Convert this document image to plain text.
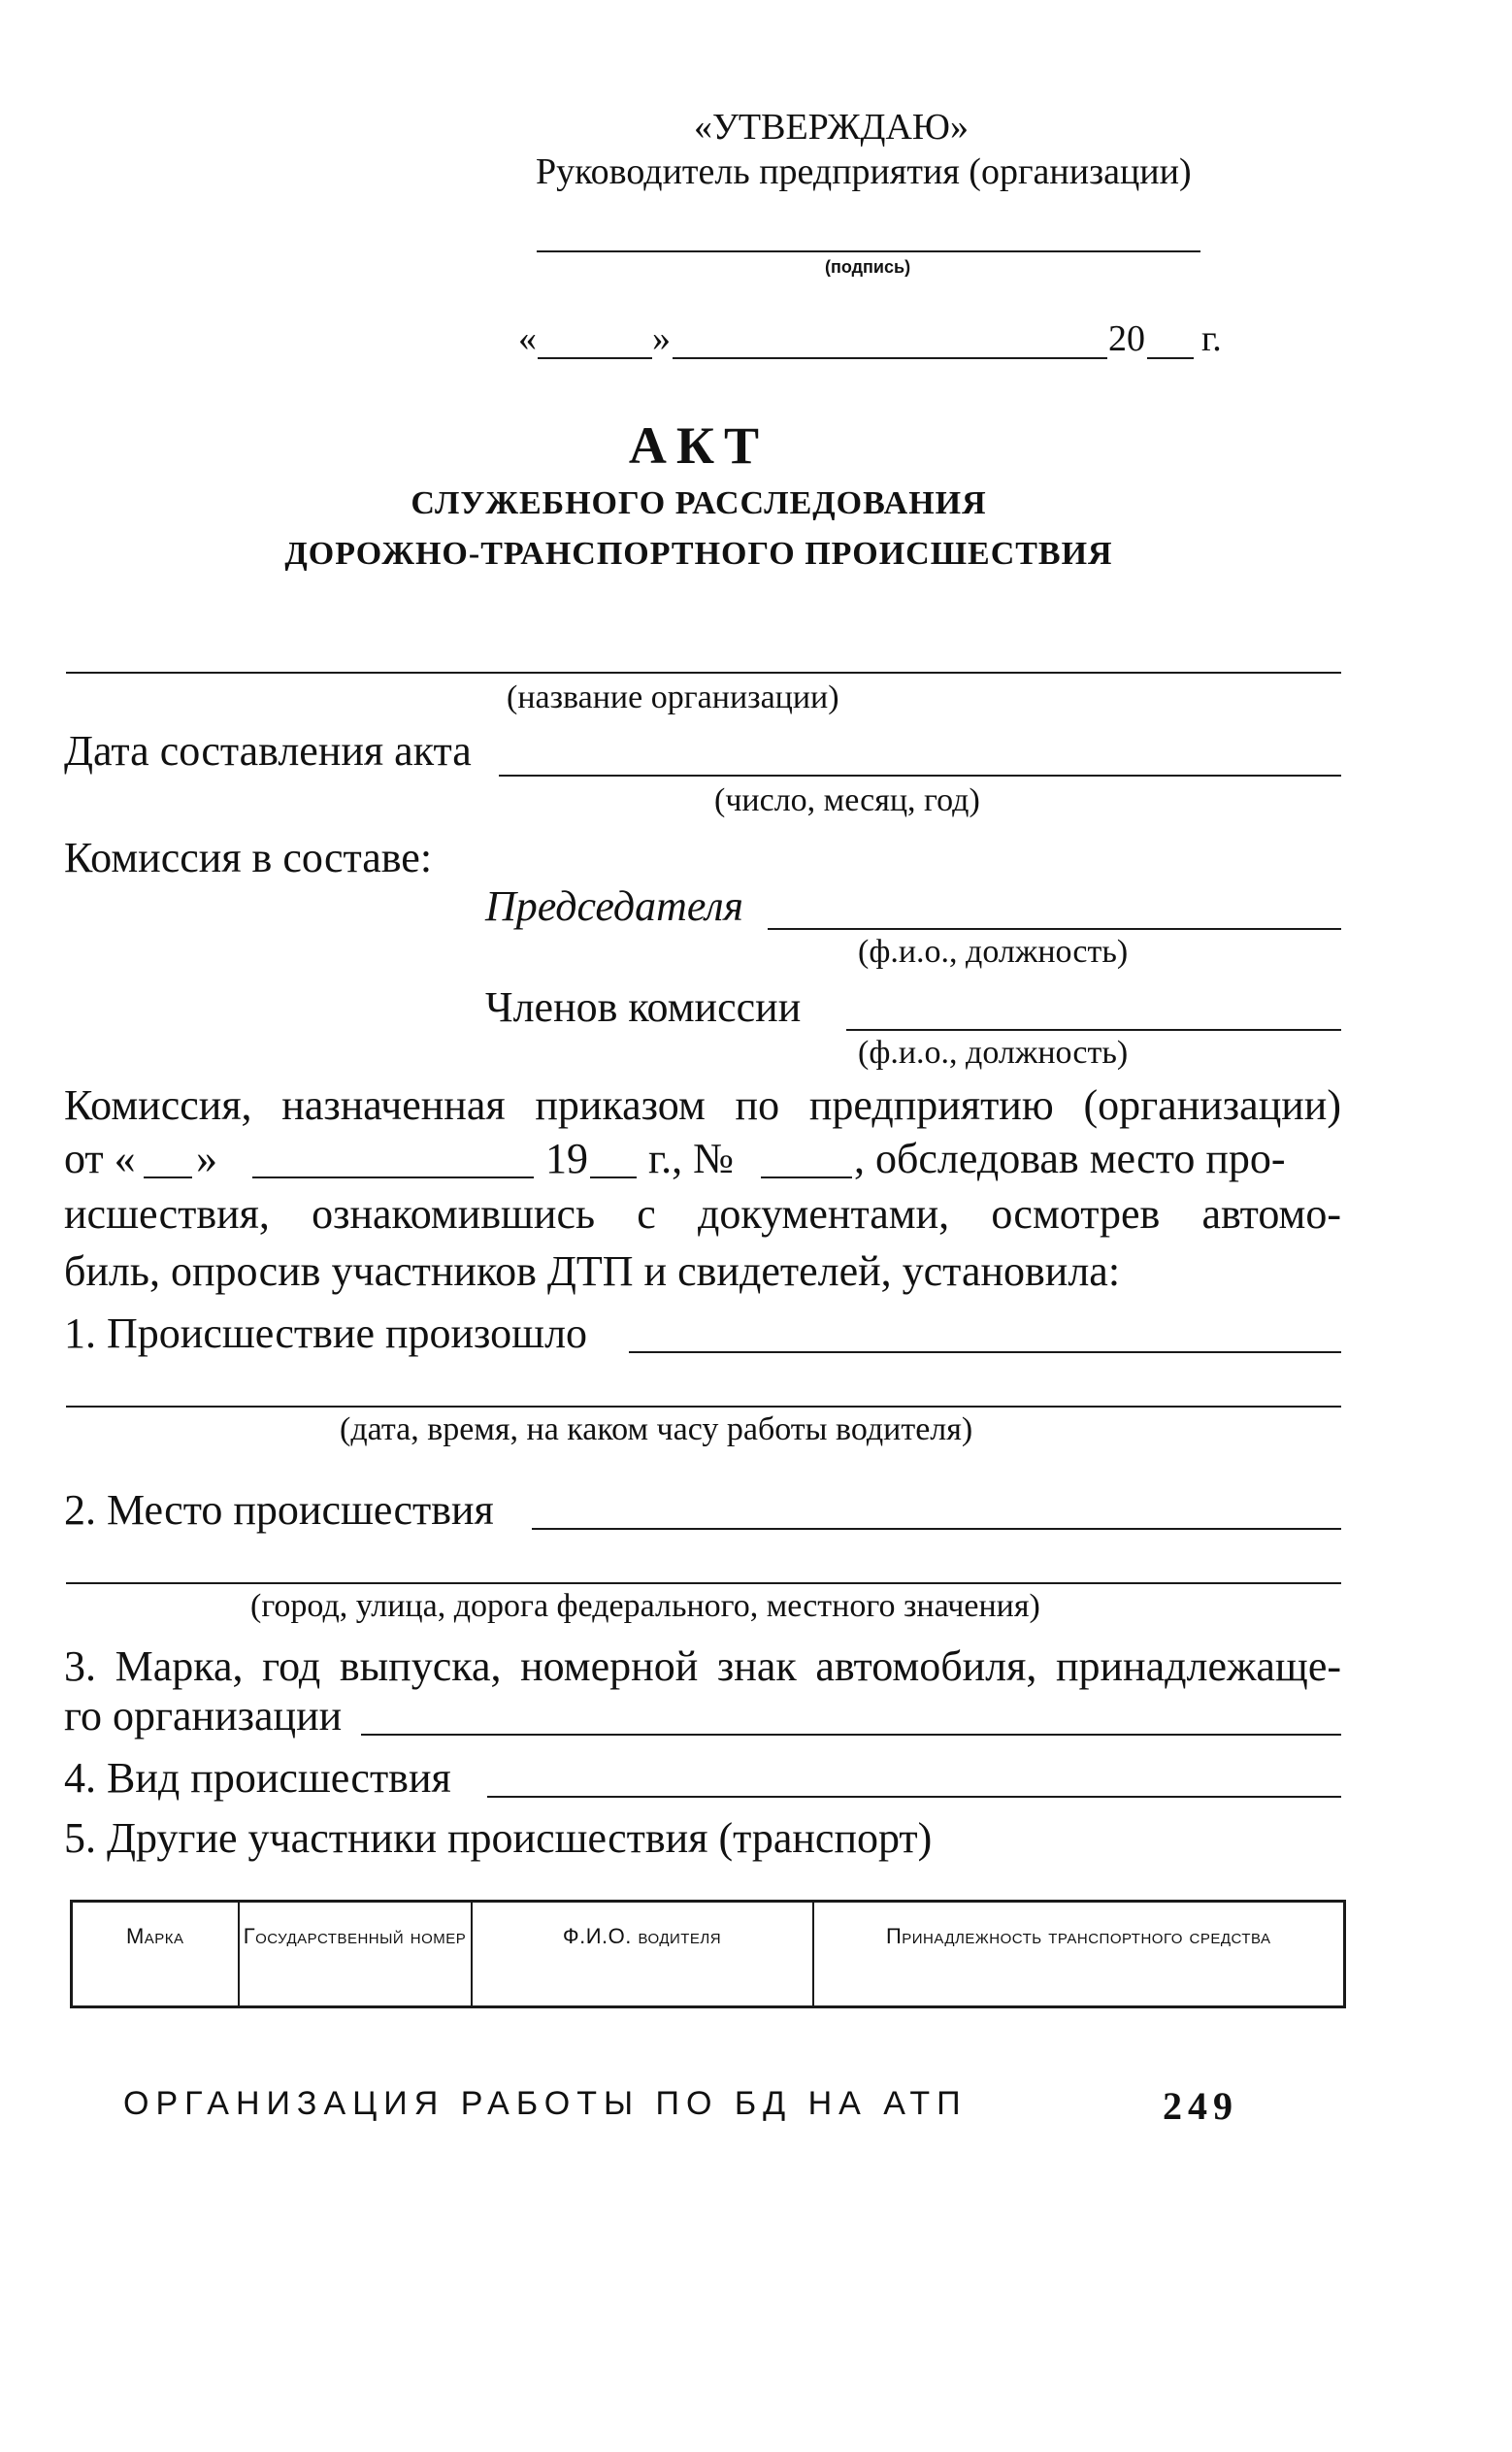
«УТВЕРЖДАЮ»
Руководитель предприятия (организации)
(подпись)
«	»	20 г.
АКТ
СЛУЖЕБНОГО РАССЛЕДОВАНИЯ
ДОРОЖНО-ТРАНСПОРТНОГО ПРОИСШЕСТВИЯ
(название организации)
Дата составления акта
(число, месяц, год)
Комиссия в составе:
Председателя
(ф.и.о., должность)
Членов комиссии
(ф.и.о., должность)
Комиссия, назначенная приказом по предприятию (организации)
от « »	19 г., №	, обследовав место про-
исшествия, ознакомившись с документами, осмотрев автомо-
биль, опросив участников ДТП и свидетелей, установила:
1. Происшествие произошло
(дата, время, на каком часу работы водителя)
2. Место происшествия
(город, улица, дорога федерального, местного значения)
3. Марка, год выпуска, номерной знак автомобиля, принадлежаще-
го организации
4. Вид происшествия
5. Другие участники происшествия (транспорт)
Марка	Государственный номер	Ф.И.О. водителя	Принадлежность транспортного средства
ОРГАНИЗАЦИЯ РАБОТЫ ПО БД НА АТП	249
